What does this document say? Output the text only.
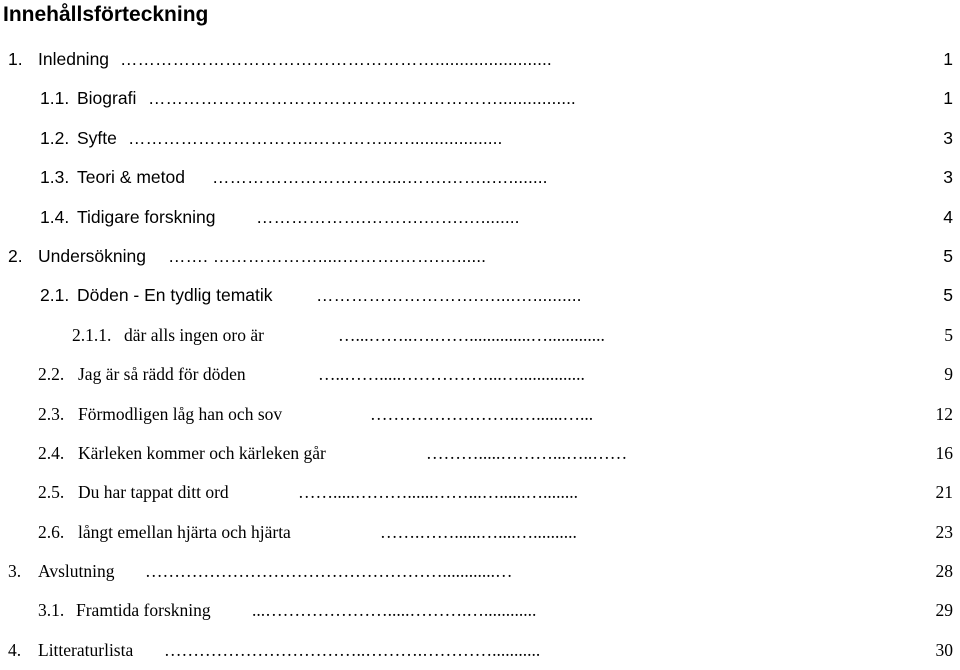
Innehållsförteckning
1. Inledning ………………………………………………........................	1
1.1. Biografi ……………………………………………………................	1
1.2. Syfte …………………………..…………..…...................	3
1.3. Teori & metod …………………………....…….……..…........	3
1.4. Tidigare forskning ……………….……….…….…........	4
2. Undersökning ……. ……………….....……….…….…......	5
2.1. Döden - En tydlig tematik ……………………….…....…..........	5
2.1.1. där alls ingen oro är	…...……..….……..............….............	5
2.2. Jag är så rädd för döden	…..…….....……………...…...............	9
2.3. Förmodligen låg han och sov	……………………..…......…...	12
2.4. Kärleken kommer och kärleken går	……….....………...…..……	16
2.5. Du har tappat ditt ord	…….....………......……...…......…........	21
2.6. långt emellan hjärta och hjärta	…….……......…....…..........	23
3. Avslutning ……………………………………………............…	28
3.1. Framtida forskning ...………………….....……….…............	29
4. Litteraturlista ……………………………..……….…………...........	30
